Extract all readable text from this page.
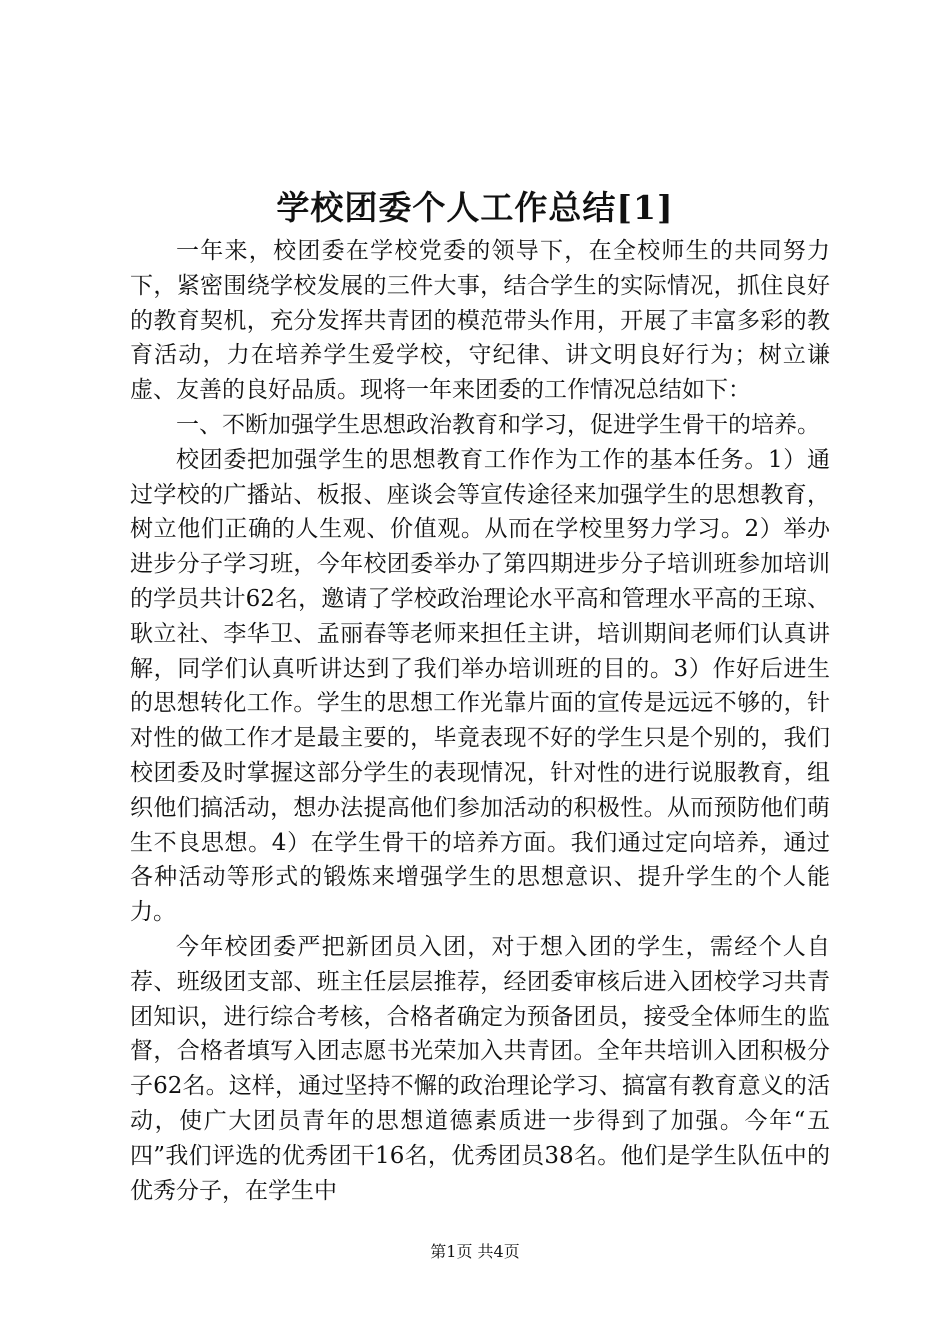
学校团委个人工作总结[1]

一年来，校团委在学校党委的领导下，在全校师生的共同努力下，紧密围绕学校发展的三件大事，结合学生的实际情况，抓住良好的教育契机，充分发挥共青团的模范带头作用，开展了丰富多彩的教育活动，力在培养学生爱学校，守纪律、讲文明良好行为；树立谦虚、友善的良好品质。现将一年来团委的工作情况总结如下：

一、不断加强学生思想政治教育和学习，促进学生骨干的培养。

校团委把加强学生的思想教育工作作为工作的基本任务。1）通过学校的广播站、板报、座谈会等宣传途径来加强学生的思想教育，树立他们正确的人生观、价值观。从而在学校里努力学习。2）举办进步分子学习班，今年校团委举办了第四期进步分子培训班参加培训的学员共计62名，邀请了学校政治理论水平高和管理水平高的王琼、耿立社、李华卫、孟丽春等老师来担任主讲，培训期间老师们认真讲解，同学们认真听讲达到了我们举办培训班的目的。3）作好后进生的思想转化工作。学生的思想工作光靠片面的宣传是远远不够的，针对性的做工作才是最主要的，毕竟表现不好的学生只是个别的，我们校团委及时掌握这部分学生的表现情况，针对性的进行说服教育，组织他们搞活动，想办法提高他们参加活动的积极性。从而预防他们萌生不良思想。4）在学生骨干的培养方面。我们通过定向培养，通过各种活动等形式的锻炼来增强学生的思想意识、提升学生的个人能力。

今年校团委严把新团员入团，对于想入团的学生，需经个人自荐、班级团支部、班主任层层推荐，经团委审核后进入团校学习共青团知识，进行综合考核，合格者确定为预备团员，接受全体师生的监督，合格者填写入团志愿书光荣加入共青团。全年共培训入团积极分子62名。这样，通过坚持不懈的政治理论学习、搞富有教育意义的活动，使广大团员青年的思想道德素质进一步得到了加强。今年“五四”我们评选的优秀团干16名，优秀团员38名。他们是学生队伍中的优秀分子，在学生中

第1页 共4页
